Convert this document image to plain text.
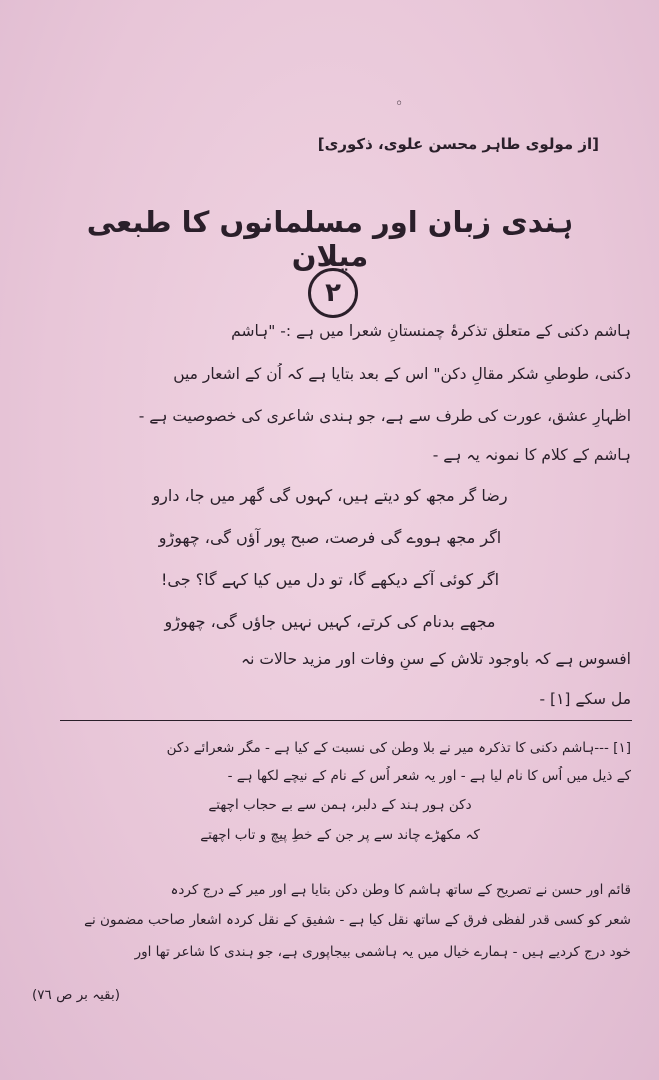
◦
[از مولوی طاہر محسن علوی، ذکوری]
ہندی زبان اور مسلمانوں کا طبعی میلان
٢
ہاشم دکنی کے متعلق تذکرۂ چمنستانِ شعرا میں ہے :- "ہاشم
دکنی، طوطیِ شکر مقالِ دکن" اس کے بعد بتایا ہے کہ اُن کے اشعار میں
اظہارِ عشق، عورت کی طرف سے ہے، جو ہندی شاعری کی خصوصیت ہے -
ہاشم کے کلام کا نمونہ یہ ہے -
رضا گر مجھ کو دیتے ہیں، کہوں گی گھر میں جا، دارو
اگر مجھ ہووے گی فرصت، صبح پور آؤں گی، چھوڑو
اگر کوئی آکے دیکھے گا، تو دل میں کیا کہے گا؟ جی!
مجھے بدنام کی کرتے، کہیں نہیں جاؤں گی، چھوڑو
افسوس ہے کہ باوجود تلاش کے سنِ وفات اور مزید حالات نہ
مل سکے [١] -
[١] ---ہاشم دکنی کا تذکرہ میر نے بلا وطن کی نسبت کے کیا ہے - مگر شعرائے دکن
کے ذیل میں اُس کا نام لیا ہے - اور یہ شعر اُس کے نام کے نیچے لکھا ہے -
دکن ہور ہند کے دلبر، ہمن سے بے حجاب اچھتے
کہ مکھڑے چاند سے پر جن کے خطِ پیچ و تاب اچھتے
قائم اور حسن نے تصریح کے ساتھ ہاشم کا وطن دکن بتایا ہے اور میر کے درج کردہ
شعر کو کسی قدر لفظی فرق کے ساتھ نقل کیا ہے - شفیق کے نقل کردہ اشعار صاحب مضمون نے
خود درج کردیے ہیں - ہمارے خیال میں یہ ہاشمی بیجاپوری ہے، جو ہندی کا شاعر تھا اور
(بقیہ بر ص ٧٦)
